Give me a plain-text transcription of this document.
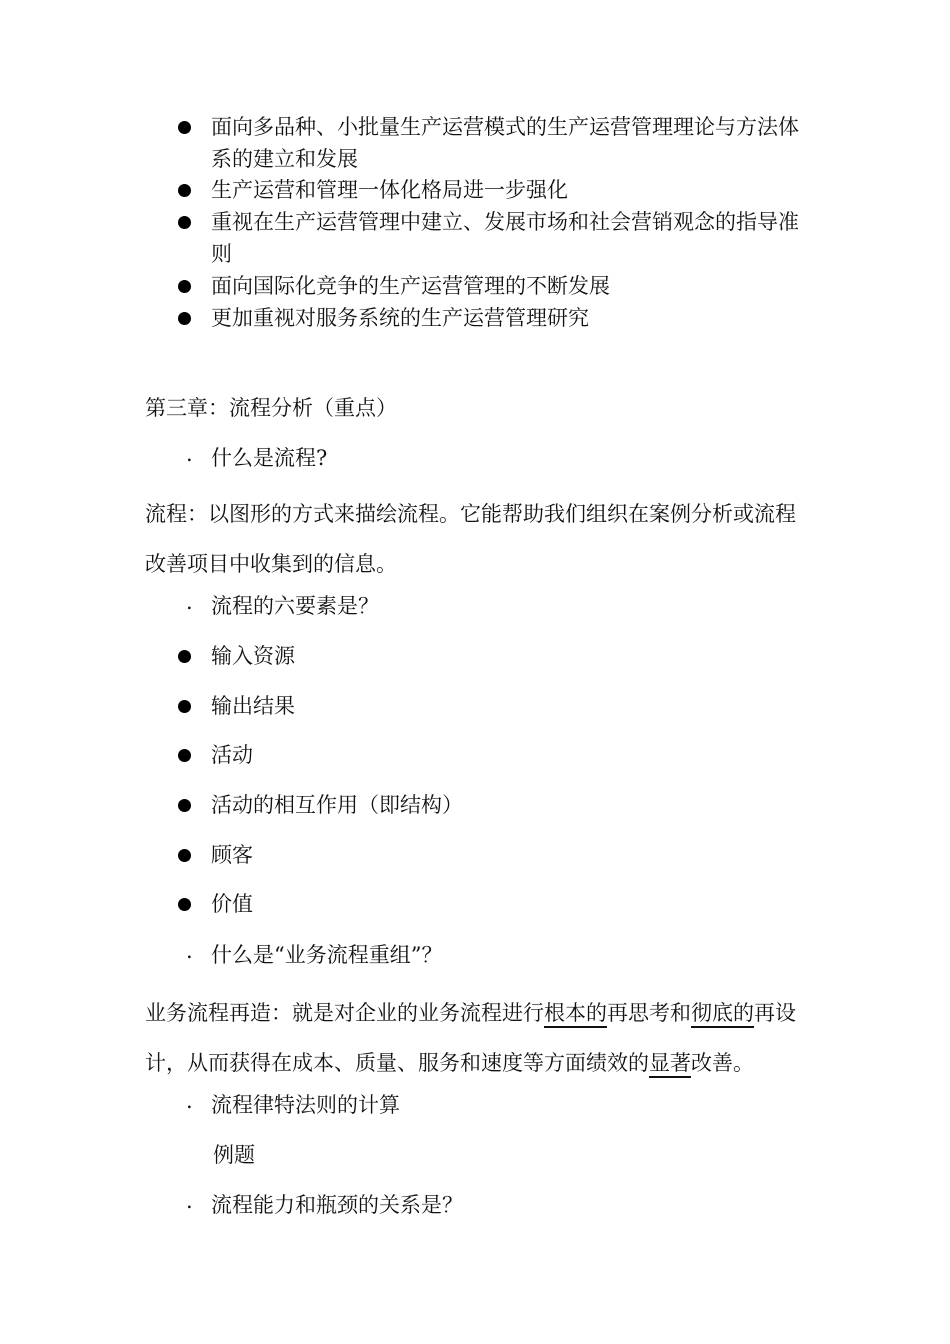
面向多品种、小批量生产运营模式的生产运营管理理论与方法体系的建立和发展
生产运营和管理一体化格局进一步强化
重视在生产运营管理中建立、发展市场和社会营销观念的指导准则
面向国际化竞争的生产运营管理的不断发展
更加重视对服务系统的生产运营管理研究
第三章：流程分析（重点）
. 什么是流程?
流程：以图形的方式来描绘流程。它能帮助我们组织在案例分析或流程改善项目中收集到的信息。
. 流程的六要素是？
输入资源
输出结果
活动
活动的相互作用（即结构）
顾客
价值
. 什么是“业务流程重组”？
业务流程再造：就是对企业的业务流程进行根本的再思考和彻底的再设计，从而获得在成本、质量、服务和速度等方面绩效的显著改善。
. 流程律特法则的计算
例题
. 流程能力和瓶颈的关系是？
